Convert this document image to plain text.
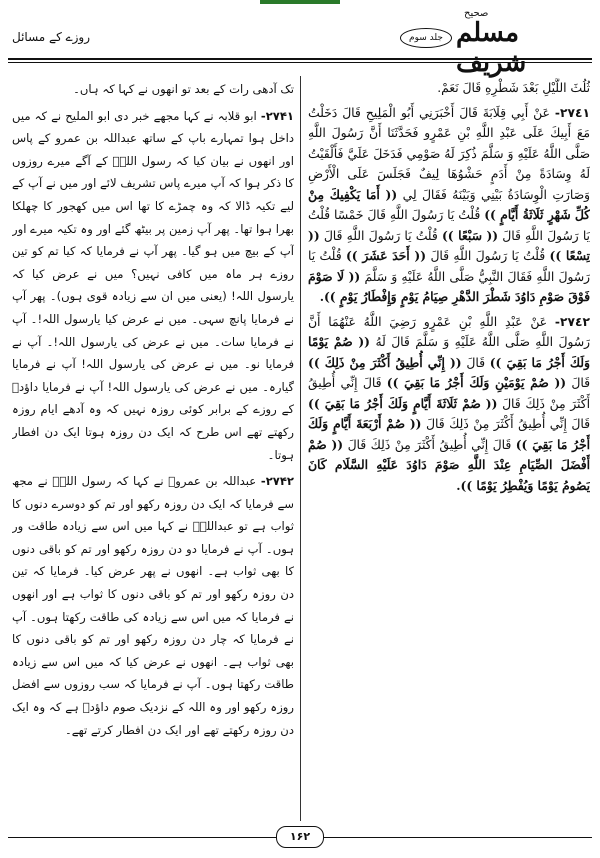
روزے کے مسائل
صحیح
مسلم شریف
جلد سوم

ثُلُثَ اللَّيْلِ بَعْدَ شَطْرِهِ قَالَ نَعَمْ.

٢٧٤١- عَنْ أَبِي قِلَابَةَ قَالَ أَخْبَرَنِي أَبُو الْمَلِيحِ قَالَ دَخَلْتُ مَعَ أَبِيكَ عَلَى عَبْدِ اللَّهِ بْنِ عَمْرٍو فَحَدَّثَنَا أَنَّ رَسُولَ اللَّهِ صَلَّى اللَّهُ عَلَيْهِ وَ سَلَّمَ ذُكِرَ لَهُ صَوْمِي فَدَخَلَ عَلَيَّ فَأَلْقَيْتُ لَهُ وِسَادَةً مِنْ أَدَمٍ حَشْوُهَا لِيفٌ فَجَلَسَ عَلَى الْأَرْضِ وَصَارَتِ الْوِسَادَةُ بَيْنِي وَبَيْنَهُ فَقَالَ لِي (( أَمَا يَكْفِيكَ مِنْ كُلِّ شَهْرٍ ثَلَاثَةُ أَيَّامٍ )) قُلْتُ يَا رَسُولَ اللَّهِ قَالَ خَمْسًا قُلْتُ يَا رَسُولَ اللَّهِ قَالَ (( سَبْعًا )) قُلْتُ يَا رَسُولَ اللَّهِ قَالَ (( تِسْعًا )) قُلْتُ يَا رَسُولَ اللَّهِ قَالَ (( أَحَدَ عَشَرَ )) قُلْتُ يَا رَسُولَ اللَّهِ فَقَالَ النَّبِيُّ صَلَّى اللَّهُ عَلَيْهِ وَ سَلَّمَ (( لَا صَوْمَ فَوْقَ صَوْمِ دَاوُدَ شَطْرَ الدَّهْرِ صِيَامُ يَوْمٍ وَإِفْطَارُ يَوْمٍ )).

٢٧٤٢- عَنْ عَبْدِ اللَّهِ بْنِ عَمْرٍو رَضِيَ اللَّهُ عَنْهُمَا أَنَّ رَسُولَ اللَّهِ صَلَّى اللَّهُ عَلَيْهِ وَ سَلَّمَ قَالَ لَهُ (( صُمْ يَوْمًا وَلَكَ أَجْرُ مَا بَقِيَ )) قَالَ (( إِنِّي أُطِيقُ أَكْثَرَ مِنْ ذَلِكَ )) قَالَ (( صُمْ يَوْمَيْنِ وَلَكَ أَجْرُ مَا بَقِيَ )) قَالَ إِنِّي أُطِيقُ أَكْثَرَ مِنْ ذَلِكَ قَالَ (( صُمْ ثَلَاثَةَ أَيَّامٍ وَلَكَ أَجْرُ مَا بَقِيَ )) قَالَ إِنِّي أُطِيقُ أَكْثَرَ مِنْ ذَلِكَ قَالَ (( صُمْ أَرْبَعَةَ أَيَّامٍ وَلَكَ أَجْرُ مَا بَقِيَ )) قَالَ إِنِّي أُطِيقُ أَكْثَرَ مِنْ ذَلِكَ قَالَ (( صُمْ أَفْضَلَ الصِّيَامِ عِنْدَ اللَّهِ صَوْمَ دَاوُدَ عَلَيْهِ السَّلَام كَانَ يَصُومُ يَوْمًا وَيُفْطِرُ يَوْمًا )).

تک آدھی رات کے بعد تو انھوں نے کہا کہ ہاں۔

۲۷۴۱- ابو قلابہ نے کہا مجھے خبر دی ابو الملیح نے کہ میں داخل ہوا تمہارے باپ کے ساتھ عبداللہ بن عمرو کے پاس اور انھوں نے بیان کیا کہ رسول اللہؐ کے آگے میرے روزوں کا ذکر ہوا کہ آپ میرے پاس تشریف لائے اور میں نے آپ کے لیے تکیہ ڈالا کہ وہ چمڑے کا تھا اس میں کھجور کا چھلکا بھرا ہوا تھا۔ پھر آپ زمین پر بیٹھ گئے اور وہ تکیہ میرے اور آپ کے بیچ میں ہو گیا۔ پھر آپ نے فرمایا کہ کیا تم کو تین روزے ہر ماہ میں کافی نہیں؟ میں نے عرض کیا کہ یارسول اللہ! (یعنی میں ان سے زیادہ قوی ہوں)۔ پھر آپ نے فرمایا پانچ سہی۔ میں نے عرض کیا یارسول اللہ!۔ آپ نے فرمایا سات۔ میں نے عرض کی یارسول اللہ!۔ آپ نے فرمایا نو۔ میں نے عرض کی یارسول اللہ! آپ نے فرمایا گیارہ۔ میں نے عرض کی یارسول اللہ! آپ نے فرمایا داؤدؑ کے روزے کے برابر کوئی روزہ نہیں کہ وہ آدھے ایام روزہ رکھتے تھے اس طرح کہ ایک دن روزہ ہوتا ایک دن افطار ہوتا۔

۲۷۴۲- عبداللہ بن عمروؓ نے کہا کہ رسول اللہؐ نے مجھ سے فرمایا کہ ایک دن روزہ رکھو اور تم کو دوسرے دنوں کا ثواب ہے تو عبداللہؓ نے کہا میں اس سے زیادہ طاقت ور ہوں۔ آپ نے فرمایا دو دن روزہ رکھو اور تم کو باقی دنوں کا بھی ثواب ہے۔ انھوں نے پھر عرض کیا۔ فرمایا کہ تین دن روزہ رکھو اور تم کو باقی دنوں کا ثواب ہے اور انھوں نے فرمایا کہ میں اس سے زیادہ کی طاقت رکھتا ہوں۔ آپ نے فرمایا کہ چار دن روزہ رکھو اور تم کو باقی دنوں کا بھی ثواب ہے۔ انھوں نے عرض کیا کہ میں اس سے زیادہ طاقت رکھتا ہوں۔ آپ نے فرمایا کہ سب روزوں سے افضل روزہ رکھو اور وہ اللہ کے نزدیک صوم داؤدؑ ہے کہ وہ ایک دن روزہ رکھتے تھے اور ایک دن افطار کرتے تھے۔

۱۶۲
